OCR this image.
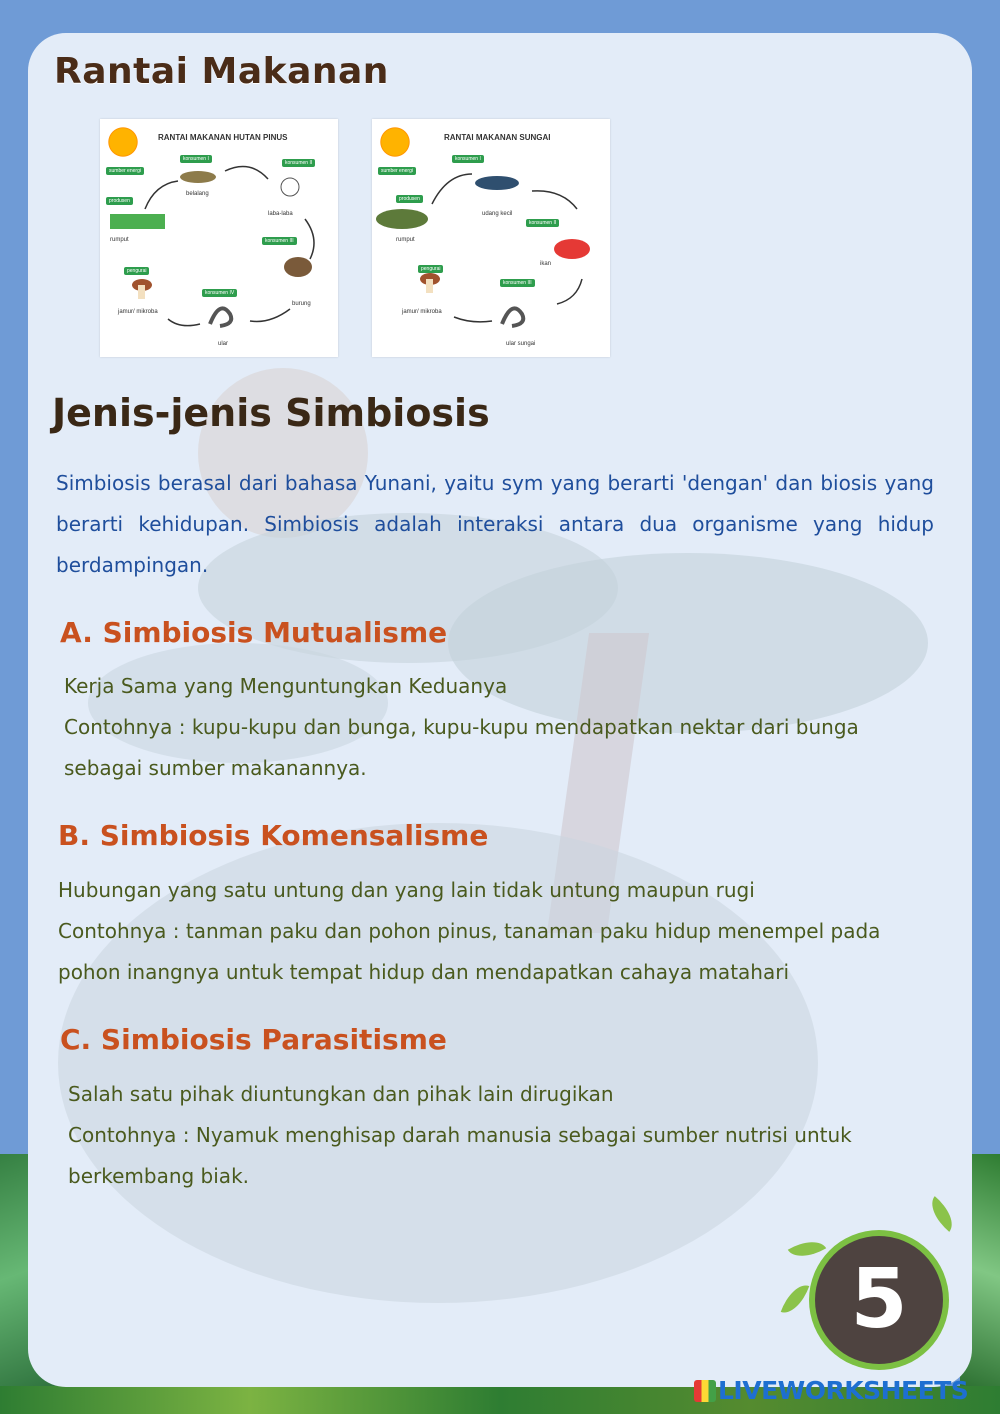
Rantai Makanan
RANTAI MAKANAN HUTAN PINUS
sumber energi
konsumen I
konsumen II
produsen
konsumen III
pengurai
konsumen IV
rumput
belalang
laba-laba
burung
ular
jamur/ mikroba
RANTAI MAKANAN SUNGAI
sumber energi
konsumen I
produsen
konsumen II
pengurai
konsumen III
rumput
udang kecil
ikan
ular sungai
jamur/ mikroba
Jenis-jenis Simbiosis

Simbiosis berasal dari bahasa Yunani, yaitu sym yang berarti 'dengan' dan biosis yang berarti kehidupan. Simbiosis adalah interaksi antara dua organisme yang hidup berdampingan.

A. Simbiosis Mutualisme
Kerja Sama yang Menguntungkan Keduanya
Contohnya : kupu-kupu dan bunga, kupu-kupu mendapatkan nektar dari bunga sebagai sumber makanannya.
B. Simbiosis Komensalisme
Hubungan yang satu untung dan yang lain tidak untung maupun rugi
Contohnya : tanman paku dan pohon pinus, tanaman paku hidup menempel pada pohon inangnya untuk tempat hidup dan mendapatkan cahaya matahari
C. Simbiosis Parasitisme
Salah satu pihak diuntungkan dan pihak lain dirugikan
Contohnya : Nyamuk menghisap darah manusia sebagai sumber nutrisi untuk berkembang biak.
5
LIVEWORKSHEETS
